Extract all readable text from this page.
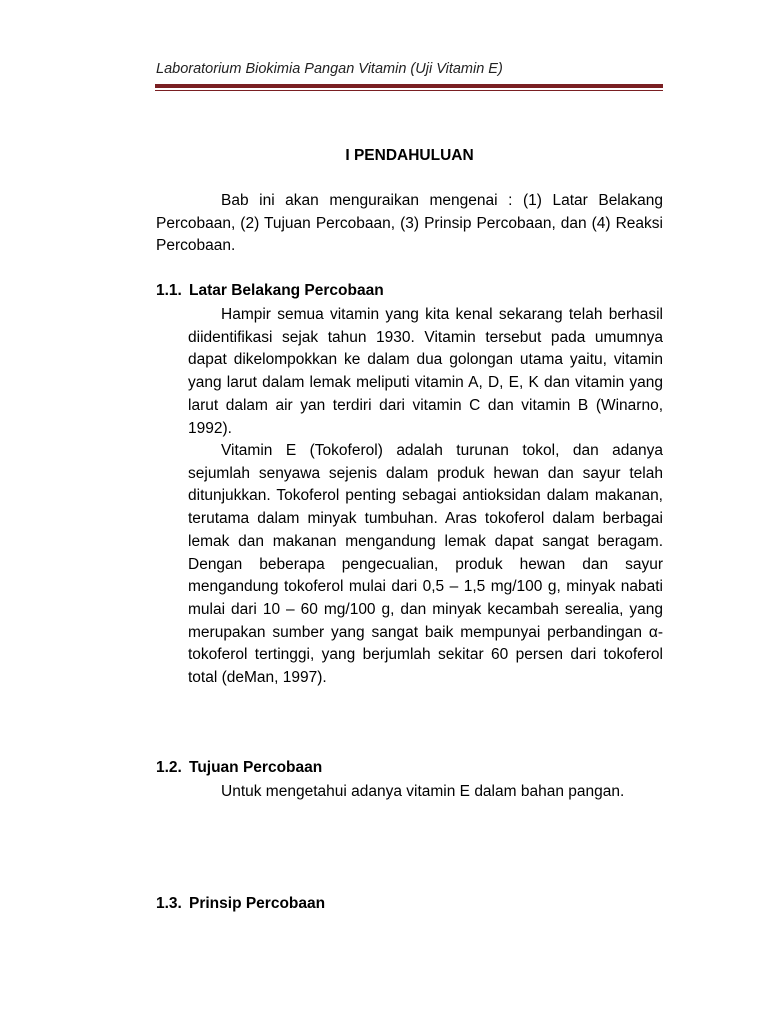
Laboratorium Biokimia Pangan Vitamin (Uji Vitamin E)
I PENDAHULUAN
Bab ini akan menguraikan mengenai : (1) Latar Belakang Percobaan, (2) Tujuan Percobaan, (3) Prinsip Percobaan, dan (4) Reaksi Percobaan.
1.1. Latar Belakang Percobaan
Hampir semua vitamin yang kita kenal sekarang telah berhasil diidentifikasi sejak tahun 1930. Vitamin tersebut pada umumnya dapat dikelompokkan ke dalam dua golongan utama yaitu, vitamin yang larut dalam lemak meliputi vitamin A, D, E, K dan vitamin yang larut dalam air yan terdiri dari vitamin C dan vitamin B (Winarno, 1992).
Vitamin E (Tokoferol) adalah turunan tokol, dan adanya sejumlah senyawa sejenis dalam produk hewan dan sayur telah ditunjukkan. Tokoferol penting sebagai antioksidan dalam makanan, terutama dalam minyak tumbuhan. Aras tokoferol dalam berbagai lemak dan makanan mengandung lemak dapat sangat beragam. Dengan beberapa pengecualian, produk hewan dan sayur mengandung tokoferol mulai dari 0,5 – 1,5 mg/100 g, minyak nabati mulai dari 10 – 60 mg/100 g, dan minyak kecambah serealia, yang merupakan sumber yang sangat baik mempunyai perbandingan α-tokoferol tertinggi, yang berjumlah sekitar 60 persen dari tokoferol total (deMan, 1997).
1.2. Tujuan Percobaan
Untuk mengetahui adanya vitamin E dalam bahan pangan.
1.3. Prinsip Percobaan
